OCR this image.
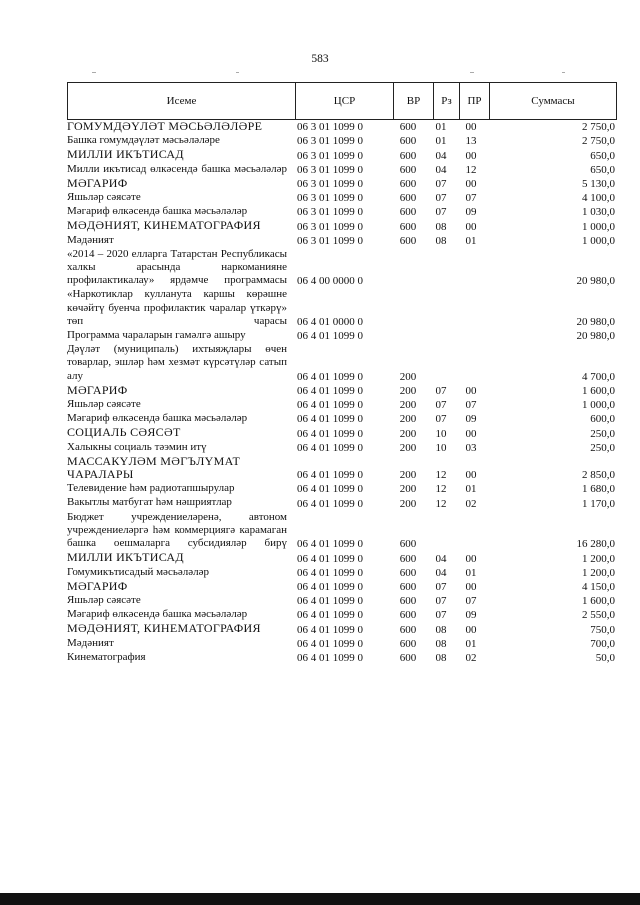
583
Исеме	ЦСР	ВР	Рз	ПР	Суммасы
ГОМУМДӘҮЛӘТ МӘСЬӘЛӘЛӘРЕ	06 3 01 1099 0	600	01	00	2 750,0
Башка гомумдәүләт мәсьәләләре	06 3 01 1099 0	600	01	13	2 750,0
МИЛЛИ ИКЪТИСАД	06 3 01 1099 0	600	04	00	650,0
Милли икътисад өлкәсендә башка мәсьәләләр 06 3 01 1099 0	600	04	12	650,0
МӘГАРИФ	06 3 01 1099 0	600	07	00	5 130,0
Яшьләр сәясәте	06 3 01 1099 0	600	07	07	4 100,0
Мәгариф өлкәсендә башка мәсьәләләр	06 3 01 1099 0	600	07	09	1 030,0
МӘДӘНИЯТ, КИНЕМАТОГРАФИЯ	06 3 01 1099 0	600	08	00	1 000,0
Мәдәният	06 3 01 1099 0	600	08	01	1 000,0
«2014 – 2020 елларга Татарстан Республикасы халкы арасында наркоманияне профилактикалау» ярдәмче программасы 06 4 00 0000 0	20 980,0
«Наркотиклар кулланута каршы көрәшне көчәйтү буенча профилактик чаралар үткәрү» төп чарасы 06 4 01 0000 0	20 980,0
Программа чараларын гамәлгә ашыру	06 4 01 1099 0	20 980,0
Дәүләт (муниципаль) ихтыяҗлары өчен товарлар, эшләр һәм хезмәт күрсәтүләр сатып алу	06 4 01 1099 0	200	4 700,0
МӘГАРИФ	06 4 01 1099 0	200	07	00	1 600,0
Яшьләр сәясәте	06 4 01 1099 0	200	07	07	1 000,0
Мәгариф өлкәсендә башка мәсьәләләр	06 4 01 1099 0	200	07	09	600,0
СОЦИАЛЬ СӘЯСӘТ	06 4 01 1099 0	200	10	00	250,0
Халыкны социаль тәэмин итү	06 4 01 1099 0	200	10	03	250,0
МАССАКҮЛӘМ МӘГЪЛҮМАТ ЧАРАЛАРЫ	06 4 01 1099 0	200	12	00	2 850,0
Телевидение һәм радиотапшырулар	06 4 01 1099 0	200	12	01	1 680,0
Вакытлы матбугат һәм нәшриятлар	06 4 01 1099 0	200	12	02	1 170,0
Бюджет учреждениеләренә, автоном учреждениеләргә һәм коммерциягә карамаган башка оешмаларга субсидияләр бирү 06 4 01 1099 0	600	16 280,0
МИЛЛИ ИКЪТИСАД	06 4 01 1099 0	600	04	00	1 200,0
Гомумикътисадый мәсьәләләр	06 4 01 1099 0	600	04	01	1 200,0
МӘГАРИФ	06 4 01 1099 0	600	07	00	4 150,0
Яшьләр сәясәте	06 4 01 1099 0	600	07	07	1 600,0
Мәгариф өлкәсендә башка мәсьәләләр	06 4 01 1099 0	600	07	09	2 550,0
МӘДӘНИЯТ, КИНЕМАТОГРАФИЯ	06 4 01 1099 0	600	08	00	750,0
Мәдәният	06 4 01 1099 0	600	08	01	700,0
Кинематография	06 4 01 1099 0	600	08	02	50,0
